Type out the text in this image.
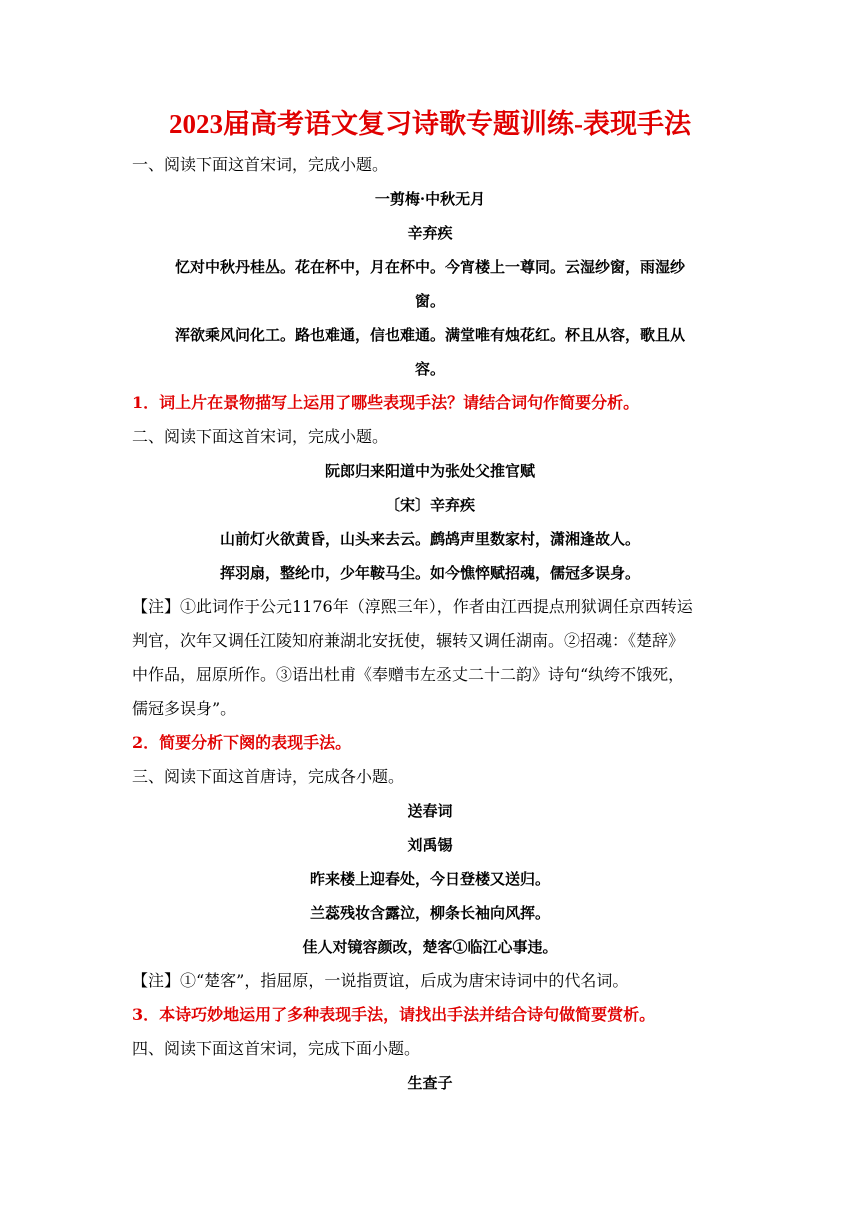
2023届高考语文复习诗歌专题训练-表现手法

一、阅读下面这首宋词，完成小题。

一剪梅·中秋无月

辛弃疾

忆对中秋丹桂丛。花在杯中，月在杯中。今宵楼上一尊同。云湿纱窗，雨湿纱

窗。

浑欲乘风问化工。路也难通，信也难通。满堂唯有烛花红。杯且从容，歌且从

容。

1．词上片在景物描写上运用了哪些表现手法？请结合词句作简要分析。

二、阅读下面这首宋词，完成小题。

阮郎归来阳道中为张处父推官赋

〔宋〕辛弃疾

山前灯火欲黄昏，山头来去云。鹧鸪声里数家村，潇湘逢故人。

挥羽扇，整纶巾，少年鞍马尘。如今憔悴赋招魂，儒冠多误身。

【注】①此词作于公元1176年（淳熙三年），作者由江西提点刑狱调任京西转运

判官，次年又调任江陵知府兼湖北安抚使，辗转又调任湖南。②招魂：《楚辞》

中作品，屈原所作。③语出杜甫《奉赠韦左丞丈二十二韵》诗句“纨绔不饿死，

儒冠多误身”。

2．简要分析下阕的表现手法。

三、阅读下面这首唐诗，完成各小题。

送春词

刘禹锡

昨来楼上迎春处，今日登楼又送归。

兰蕊残妆含露泣，柳条长袖向风挥。

佳人对镜容颜改，楚客①临江心事违。

【注】①“楚客”，指屈原，一说指贾谊，后成为唐宋诗词中的代名词。

3．本诗巧妙地运用了多种表现手法，请找出手法并结合诗句做简要赏析。

四、阅读下面这首宋词，完成下面小题。

生查子
